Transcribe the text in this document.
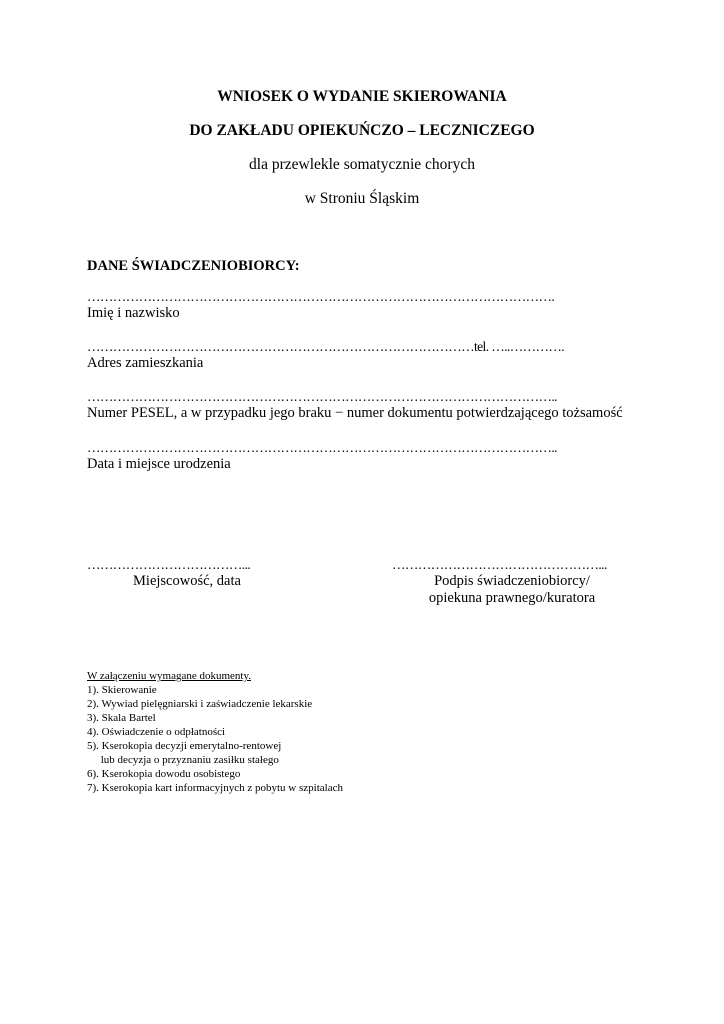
WNIOSEK O WYDANIE SKIEROWANIA
DO ZAKŁADU OPIEKUŃCZO – LECZNICZEGO
dla przewlekle somatycznie chorych
w Stroniu Śląskim
DANE ŚWIADCZENIOBIORCY:
……………………………………………………………………………………………….
Imię i nazwisko
………………………………………………………………………………tel. …..………….
Adres zamieszkania
………………………………………………………………………………………………..
Numer PESEL, a w przypadku jego braku − numer dokumentu potwierdzającego tożsamość
………………………………………………………………………………………………..
Data i miejsce urodzenia
………………………………...
Miejscowość, data
…………………………………………...
Podpis świadczeniobiorcy/
opiekuna prawnego/kuratora
W załączeniu wymagane dokumenty.
1). Skierowanie
2). Wywiad pielęgniarski i zaświadczenie lekarskie
3). Skala Bartel
4). Oświadczenie o odpłatności
5). Kserokopia decyzji emerytalno-rentowej
lub decyzja o przyznaniu zasiłku stałego
6). Kserokopia dowodu osobistego
7). Kserokopia kart informacyjnych z pobytu w szpitalach
